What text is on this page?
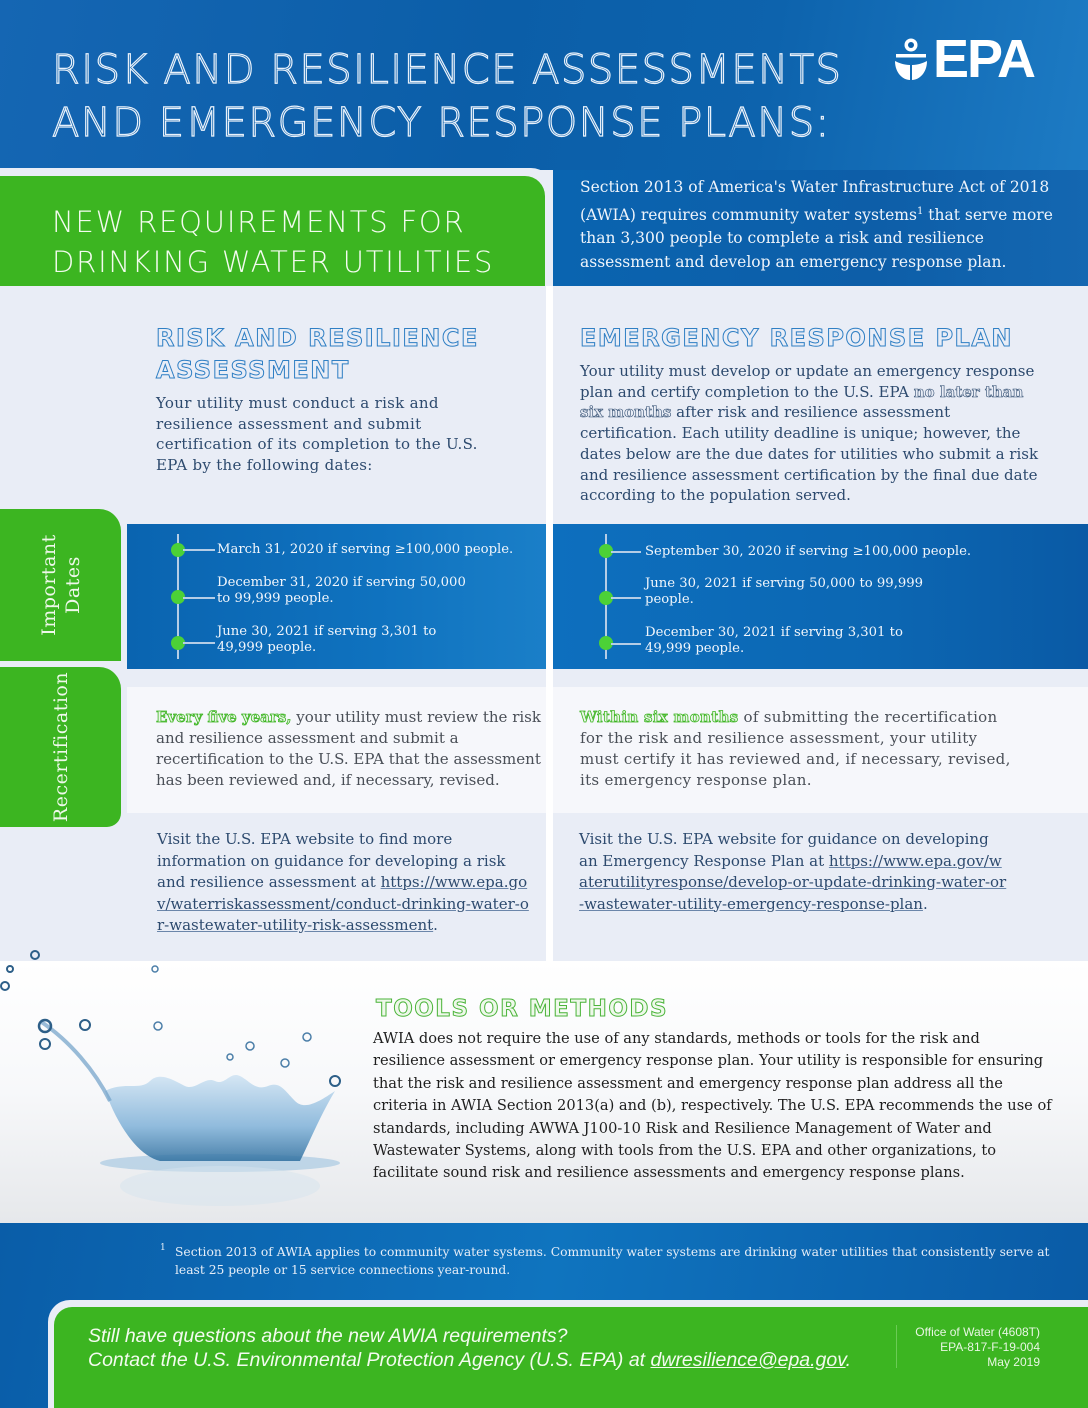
RISK AND RESILIENCE ASSESSMENTS
AND EMERGENCY RESPONSE PLANS:
EPA
NEW REQUIREMENTS FOR
DRINKING WATER UTILITIES

Section 2013 of America's Water Infrastructure Act of 2018 (AWIA) requires community water systems$^1$ that serve more than 3,300 people to complete a risk and resilience assessment and develop an emergency response plan.

RISK AND RESILIENCE
ASSESSMENT

Your utility must conduct a risk and resilience assessment and submit certification of its completion to the U.S. EPA by the following dates:

EMERGENCY RESPONSE PLAN

Your utility must develop or update an emergency response plan and certify completion to the U.S. EPA no later than six months after risk and resilience assessment certification. Each utility deadline is unique; however, the dates below are the due dates for utilities who submit a risk and resilience assessment certification by the final due date according to the population served.

Important Dates
Recertification
March 31, 2020 if serving ≥100,000 people.
December 31, 2020 if serving 50,000
to 99,999 people.
June 30, 2021 if serving 3,301 to
49,999 people.
September 30, 2020 if serving ≥100,000 people.
June 30, 2021 if serving 50,000 to 99,999
people.
December 30, 2021 if serving 3,301 to
49,999 people.

Every five years, your utility must review the risk and resilience assessment and submit a recertification to the U.S. EPA that the assessment has been reviewed and, if necessary, revised.

Within six months of submitting the recertification for the risk and resilience assessment, your utility must certify it has reviewed and, if necessary, revised, its emergency response plan.

Visit the U.S. EPA website to find more information on guidance for developing a risk and resilience assessment at https://www.epa.gov/waterriskassessment/conduct-drinking-water-or-wastewater-utility-risk-assessment.

Visit the U.S. EPA website for guidance on developing an Emergency Response Plan at https://www.epa.gov/waterutilityresponse/develop-or-update-drinking-water-or-wastewater-utility-emergency-response-plan.

TOOLS OR METHODS

AWIA does not require the use of any standards, methods or tools for the risk and resilience assessment or emergency response plan. Your utility is responsible for ensuring that the risk and resilience assessment and emergency response plan address all the criteria in AWIA Section 2013(a) and (b), respectively. The U.S. EPA recommends the use of standards, including AWWA J100-10 Risk and Resilience Management of Water and Wastewater Systems, along with tools from the U.S. EPA and other organizations, to facilitate sound risk and resilience assessments and emergency response plans.

1 Section 2013 of AWIA applies to community water systems. Community water systems are drinking water utilities that consistently serve at least 25 people or 15 service connections year-round.

Still have questions about the new AWIA requirements?
Contact the U.S. Environmental Protection Agency (U.S. EPA) at dwresilience@epa.gov.
Office of Water (4608T)
EPA-817-F-19-004
May 2019
